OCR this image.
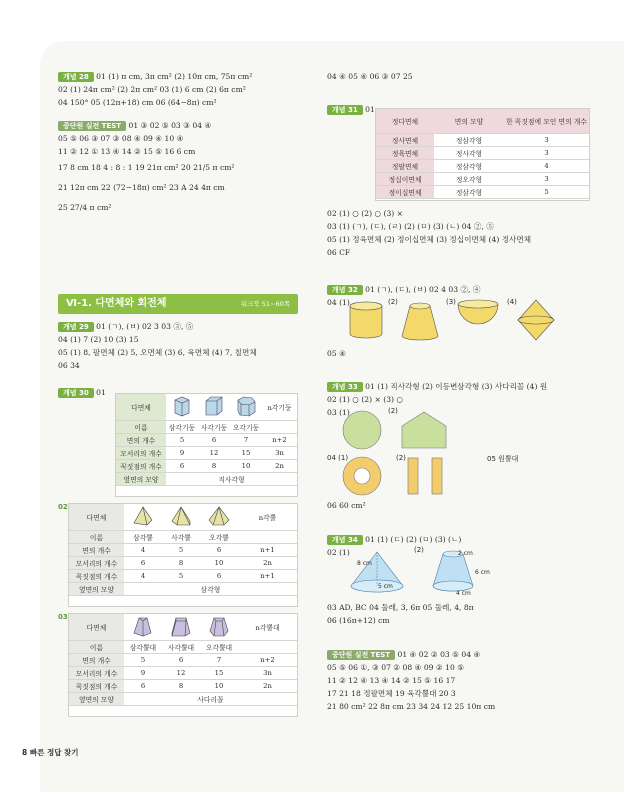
개념 28 01 (1) π cm, 3π cm² (2) 10π cm, 75π cm²
02 (1) 24π cm² (2) 2π cm² 03 (1) 6 cm (2) 6π cm²
04 150° 05 (12π+18) cm 06 (64−8π) cm²
중단원 실전 TEST 01 ③ 02 ⑤ 03 ③ 04 ④
05 ⑤ 06 ③ 07 ③ 08 ④ 09 ④ 10 ④
11 ② 12 ① 13 ④ 14 ② 15 ⑤ 16 6 cm
17 8 cm 18 4 : 8 : 1 19 21π cm² 20 21/5 π cm²
21 12π cm 22 (72−18π) cm² 23 A 24 4π cm
25 27/4 π cm²
Ⅵ-1. 다면체와 회전체	워크북 51~60쪽
개념 29 01 (ㄱ), (ㅂ) 02 3 03 ③, ⑤
04 (1) 7 (2) 10 (3) 15
05 (1) 8, 팔면체 (2) 5, 오면체 (3) 6, 육면체 (4) 7, 칠면체
06 34
개념 30 01
다면체				n각기둥
이름	삼각기둥	사각기둥	오각기둥	
면의 개수	5	6	7	n+2
모서리의 개수	9	12	15	3n
꼭짓점의 개수	6	8	10	2n
옆면의 모양	직사각형			
02
다면체				n각뿔
이름	삼각뿔	사각뿔	오각뿔	
면의 개수	4	5	6	n+1
모서리의 개수	6	8	10	2n
꼭짓점의 개수	4	5	6	n+1
옆면의 모양	삼각형			
03
다면체				n각뿔대
이름	삼각뿔대	사각뿔대	오각뿔대	
면의 개수	5	6	7	n+2
모서리의 개수	9	12	15	3n
꼭짓점의 개수	6	8	10	2n
옆면의 모양	사다리꼴			
04 ④ 05 ④ 06 ③ 07 25
개념 31 01
정다면체	면의 모양	한 꼭짓점에 모인 면의 개수
정사면체	정삼각형	3
정육면체	정사각형	3
정팔면체	정삼각형	4
정십이면체	정오각형	3
정이십면체	정삼각형	5
02 (1) ○ (2) ○ (3) ×
03 (1) (ㄱ), (ㄷ), (ㄹ) (2) (ㅁ) (3) (ㄴ) 04 ②, ⑤
05 (1) 정육면체 (2) 정이십면체 (3) 정십이면체 (4) 정사면체
06 CF
개념 32 01 (ㄱ), (ㄷ), (ㅂ) 02 4 03 ②, ④
04 (1)	(2)	(3)	(4)
05 ④
개념 33 01 (1) 직사각형 (2) 이등변삼각형 (3) 사다리꼴 (4) 원
02 (1) ○ (2) × (3) ○
03 (1)	(2)
04 (1)	(2)	05 원뿔대
06 60 cm²
개념 34 01 (1) (ㄷ) (2) (ㅁ) (3) (ㄴ)
02 (1)	(2)
8 cm
5 cm
2 cm
6 cm
4 cm
03 AD, BC 04 둘레, 3, 6π 05 둘레, 4, 8π
06 (16π+12) cm
중단원 실전 TEST 01 ④ 02 ② 03 ⑤ 04 ④
05 ⑤ 06 ①, ③ 07 ② 08 ④ 09 ② 10 ⑤
11 ② 12 ④ 13 ④ 14 ② 15 ⑤ 16 17
17 21 18 정팔면체 19 육각뿔대 20 3
21 80 cm² 22 8π cm 23 34 24 12 25 10π cm
8 빠른 정답 찾기
